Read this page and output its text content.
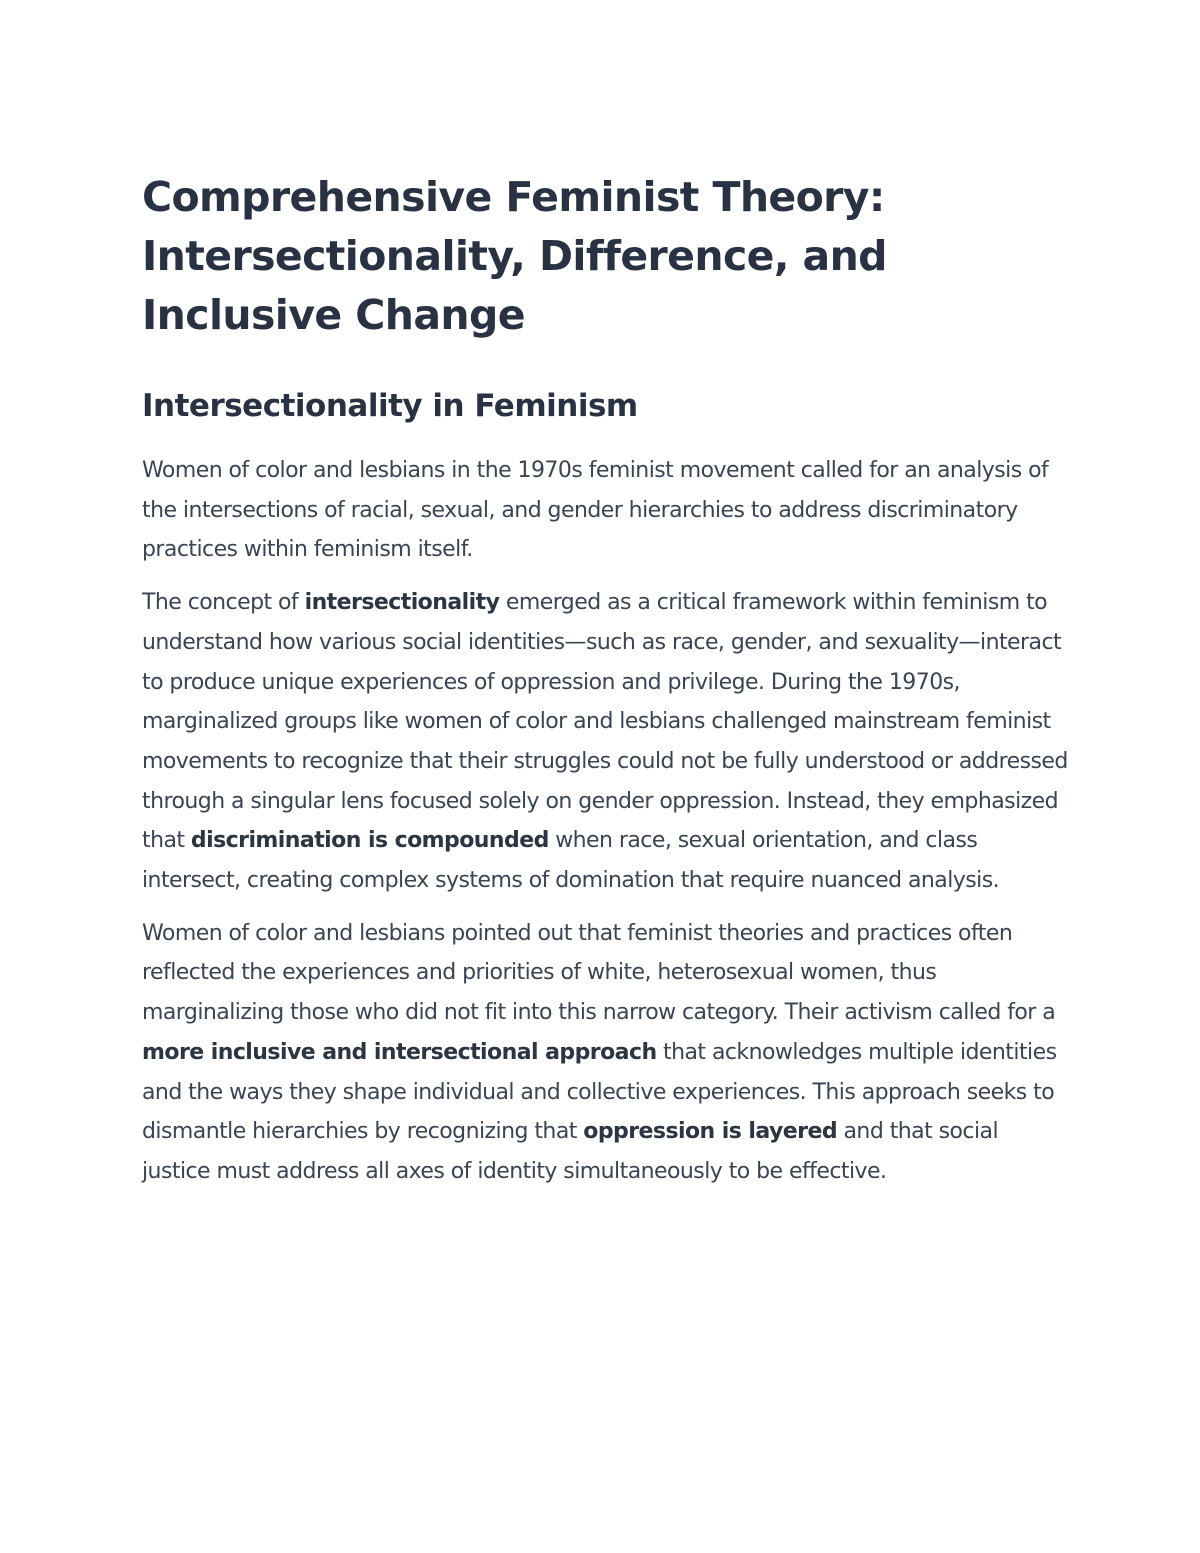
Comprehensive Feminist Theory: Intersectionality, Difference, and Inclusive Change
Intersectionality in Feminism

Women of color and lesbians in the 1970s feminist movement called for an analysis of the intersections of racial, sexual, and gender hierarchies to address discriminatory practices within feminism itself.

The concept of intersectionality emerged as a critical framework within feminism to understand how various social identities—such as race, gender, and sexuality—interact to produce unique experiences of oppression and privilege. During the 1970s, marginalized groups like women of color and lesbians challenged mainstream feminist movements to recognize that their struggles could not be fully understood or addressed through a singular lens focused solely on gender oppression. Instead, they emphasized that discrimination is compounded when race, sexual orientation, and class intersect, creating complex systems of domination that require nuanced analysis.

Women of color and lesbians pointed out that feminist theories and practices often reflected the experiences and priorities of white, heterosexual women, thus marginalizing those who did not fit into this narrow category. Their activism called for a more inclusive and intersectional approach that acknowledges multiple identities and the ways they shape individual and collective experiences. This approach seeks to dismantle hierarchies by recognizing that oppression is layered and that social justice must address all axes of identity simultaneously to be effective.
